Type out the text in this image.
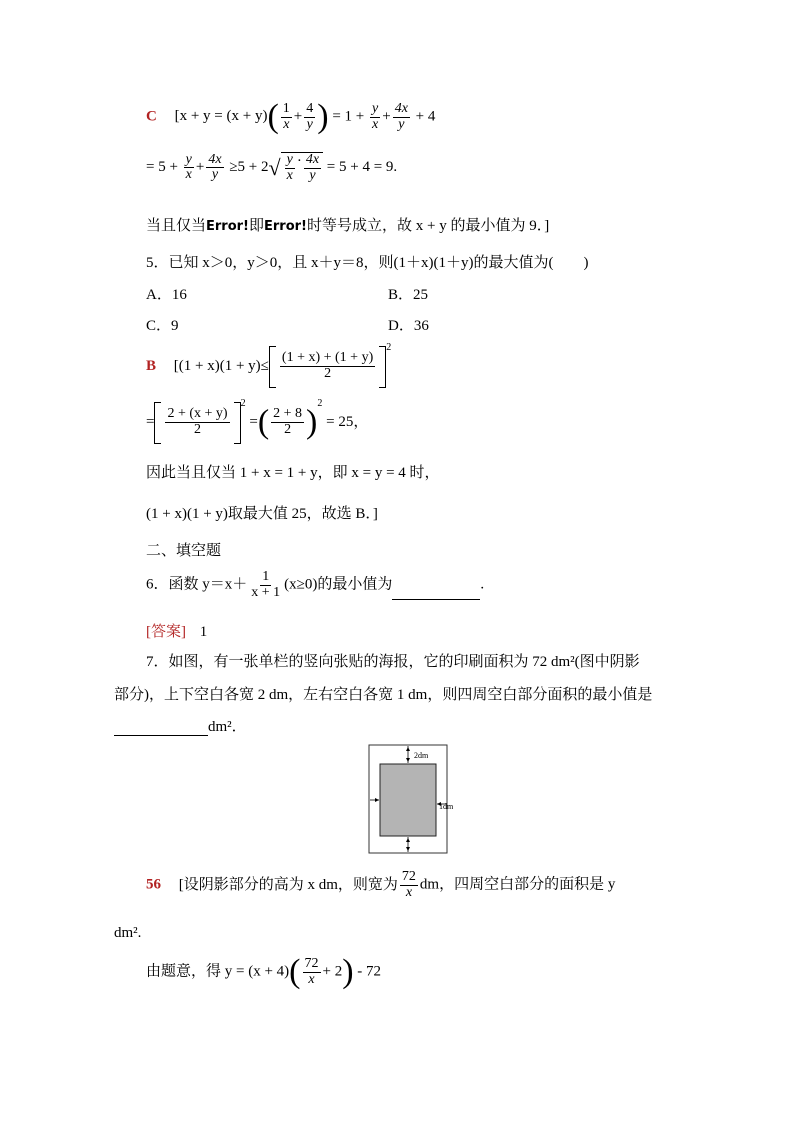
C [$x + y = (x + y)( \frac{1}{x} + \frac{4}{y}$ ) = $1 + \frac{y}{x} + \frac{4x}{y} + 4$
= $5 + \frac{y}{x} + \frac{4x}{y} \ge 5 + 2$ √ $\frac{y}{x} \cdot \frac{4x}{y} = 5 + 4 = 9$.
当且仅当Error!即Error!时等号成立，故 x + y 的最小值为 9．]
5．已知 x＞0，y＞0，且 x＋y＝8，则(1＋x)(1＋y)的最大值为(　　)
A．16	B．25
C．9	D．36
B [$(1 + x)(1 + y)\le \frac{(1 + x) + (1 + y)}{2}$
$^2$
= $\frac{2 + (x + y)}{2}$
$^2$ =( $\frac{2 + 8}{2} )^2 = 25$，
因此当且仅当 1 + x = 1 + y，即 x = y = 4 时，
(1 + x)(1 + y)取最大值 25，故选 B．]
二、填空题
6．函数 $y=x+ \frac{1}{x + 1} (x\ge 0)$的最小值为	.
[答案] 1
7．如图，有一张单栏的竖向张贴的海报，它的印刷面积为 72 dm²(图中阴影
部分)，上下空白各宽 2 dm，左右空白各宽 1 dm，则四周空白部分面积的最小值是
dm²．
2dm
1dm
56 [设阴影部分的高为 x dm，则宽为 $\frac{72}{x}$ dm，四周空白部分的面积是 y
dm².
由题意，得 $y = (x + 4)( \frac{72}{x} + 2) - 72$
